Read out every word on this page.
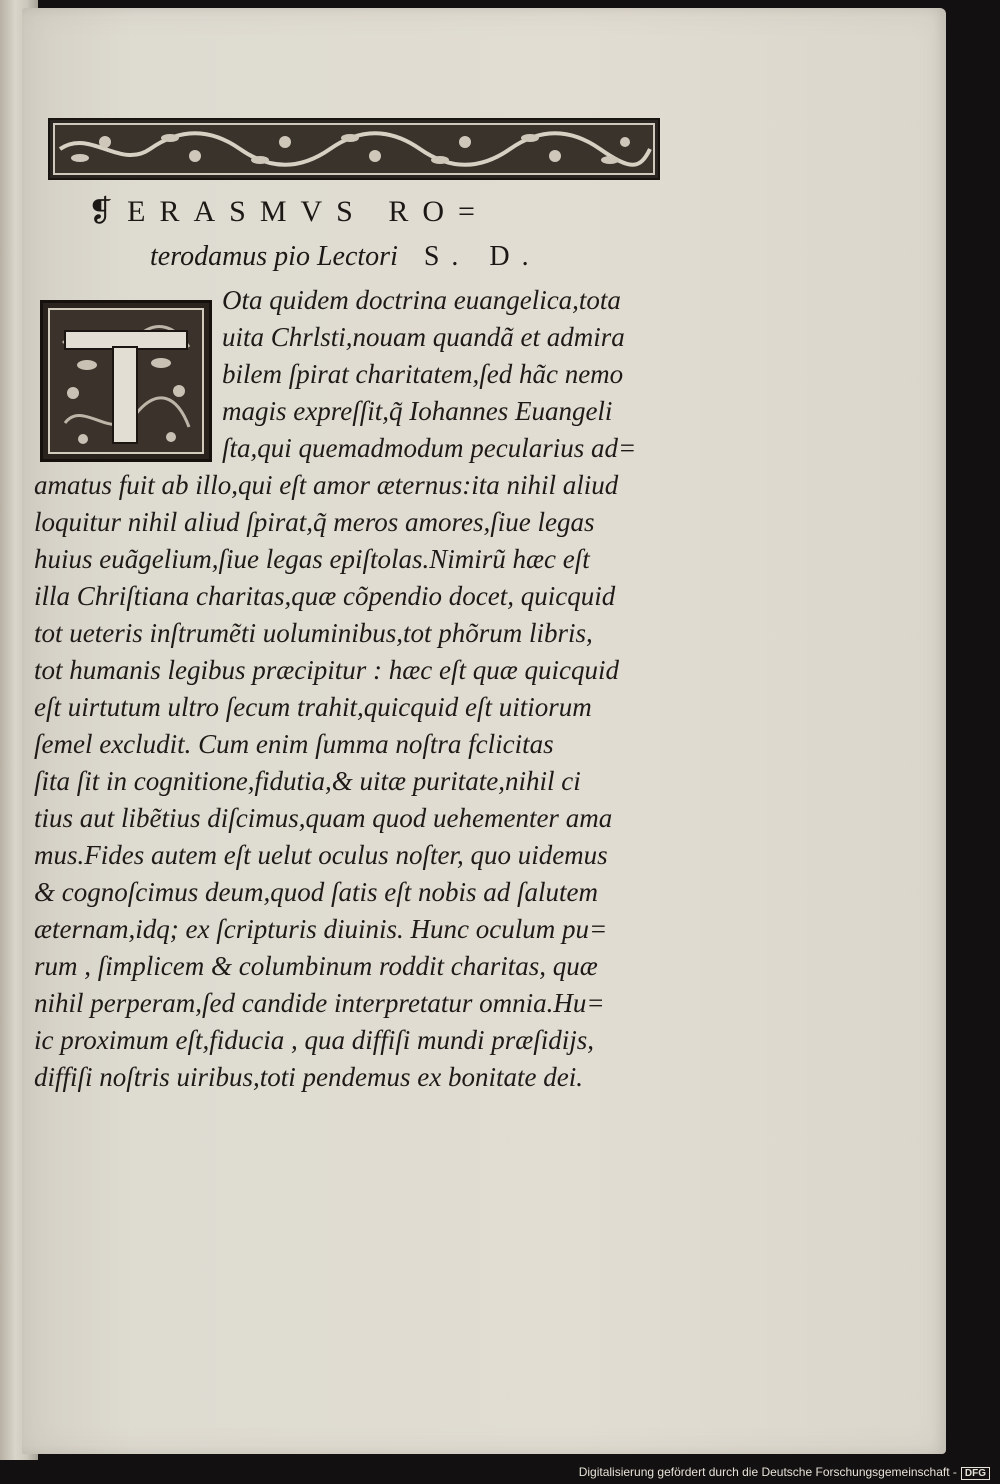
❡ERASMVS RO=
terodamus pio Lectori S. D.
Ota quidem doctrina euangelica,tota
uita Chrlsti,nouam quandã et admira
bilem ſpirat charitatem,ſed hãc nemo
magis expreſſit,q̃ Iohannes Euangeli
ſta,qui quemadmodum pecularius ad=
amatus fuit ab illo,qui eſt amor æternus:ita nihil aliud
loquitur nihil aliud ſpirat,q̃ meros amores,ſiue legas
huius euãgelium,ſiue legas epiſtolas.Nimirũ hæc eſt
illa Chriſtiana charitas,quæ cõpendio docet, quicquid
tot ueteris inſtrumẽti uoluminibus,tot phõrum libris,
tot humanis legibus præcipitur : hæc eſt quæ quicquid
eſt uirtutum ultro ſecum trahit,quicquid eſt uitiorum
ſemel excludit. Cum enim ſumma noſtra fclicitas
ſita ſit in cognitione,fidutia,& uitæ puritate,nihil ci
tius aut libẽtius diſcimus,quam quod uehementer ama
mus.Fides autem eſt uelut oculus noſter, quo uidemus
& cognoſcimus deum,quod ſatis eſt nobis ad ſalutem
æternam,idq; ex ſcripturis diuinis. Hunc oculum pu=
rum , ſimplicem & columbinum roddit charitas, quæ
nihil perperam,ſed candide interpretatur omnia.Hu=
ic proximum eſt,fiducia , qua diffiſi mundi præſidijs,
diffiſi noſtris uiribus,toti pendemus ex bonitate dei.
Digitalisierung gefördert durch die Deutsche Forschungsgemeinschaft - DFG
